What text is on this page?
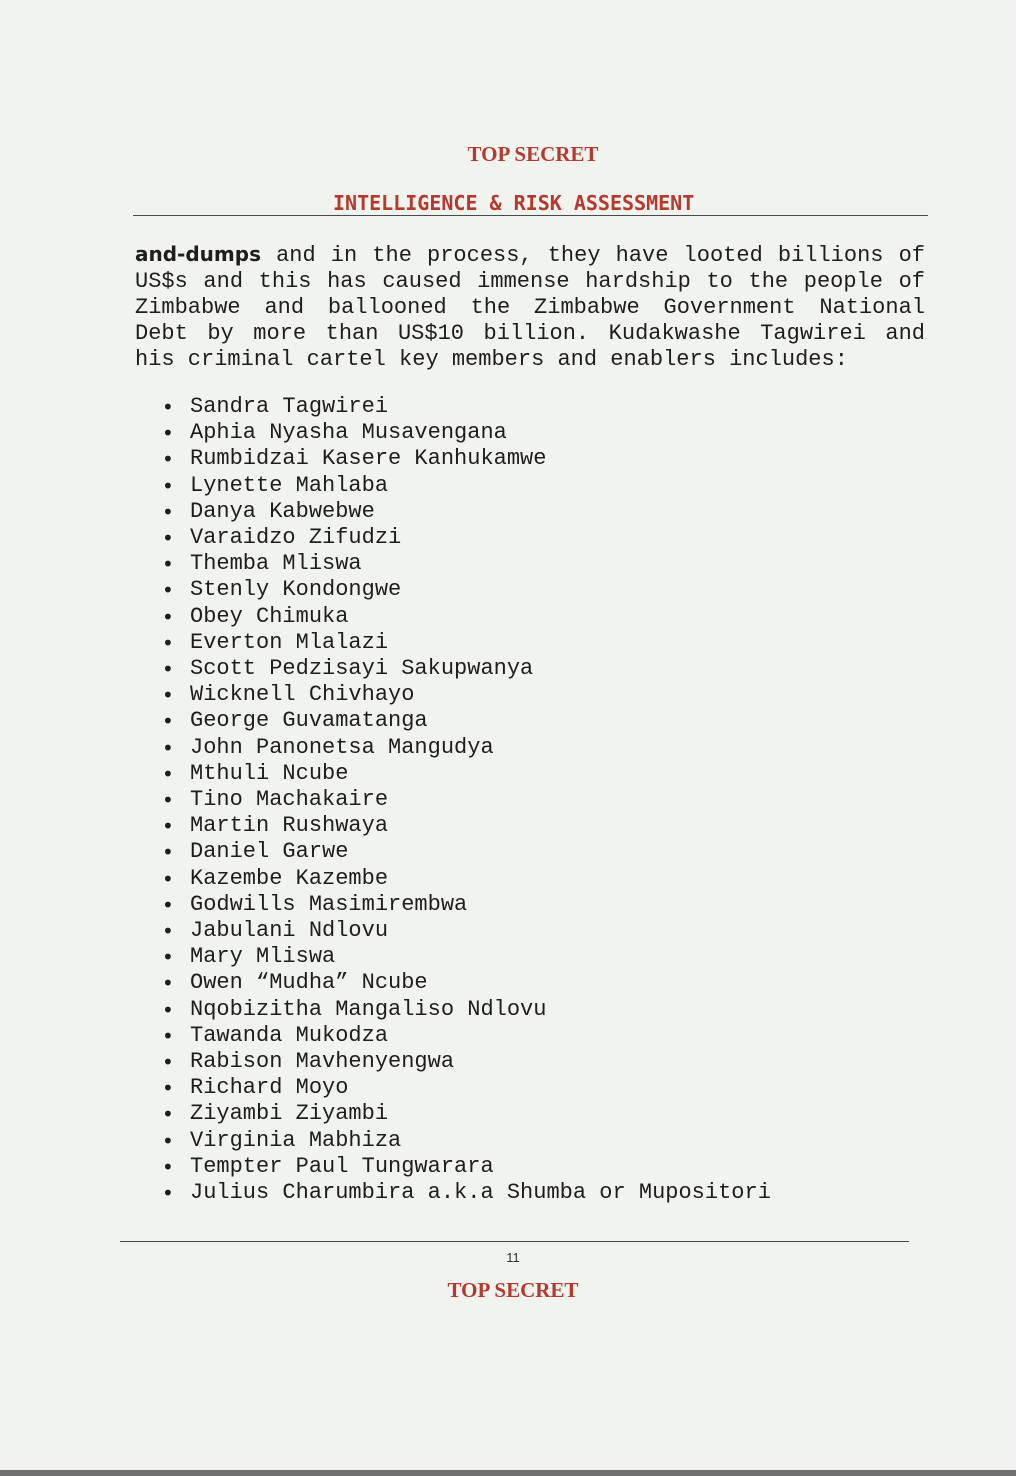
TOP SECRET
INTELLIGENCE & RISK ASSESSMENT

and-dumps and in the process, they have looted billions of US$s and this has caused immense hardship to the people of Zimbabwe and ballooned the Zimbabwe Government National Debt by more than US$10 billion. Kudakwashe Tagwirei and his criminal cartel key members and enablers includes:

• Sandra Tagwirei
• Aphia Nyasha Musavengana
• Rumbidzai Kasere Kanhukamwe
• Lynette Mahlaba
• Danya Kabwebwe
• Varaidzo Zifudzi
• Themba Mliswa
• Stenly Kondongwe
• Obey Chimuka
• Everton Mlalazi
• Scott Pedzisayi Sakupwanya
• Wicknell Chivhayo
• George Guvamatanga
• John Panonetsa Mangudya
• Mthuli Ncube
• Tino Machakaire
• Martin Rushwaya
• Daniel Garwe
• Kazembe Kazembe
• Godwills Masimirembwa
• Jabulani Ndlovu
• Mary Mliswa
• Owen “Mudha” Ncube
• Nqobizitha Mangaliso Ndlovu
• Tawanda Mukodza
• Rabison Mavhenyengwa
• Richard Moyo
• Ziyambi Ziyambi
• Virginia Mabhiza
• Tempter Paul Tungwarara
• Julius Charumbira a.k.a Shumba or Mupositori
11
TOP SECRET
